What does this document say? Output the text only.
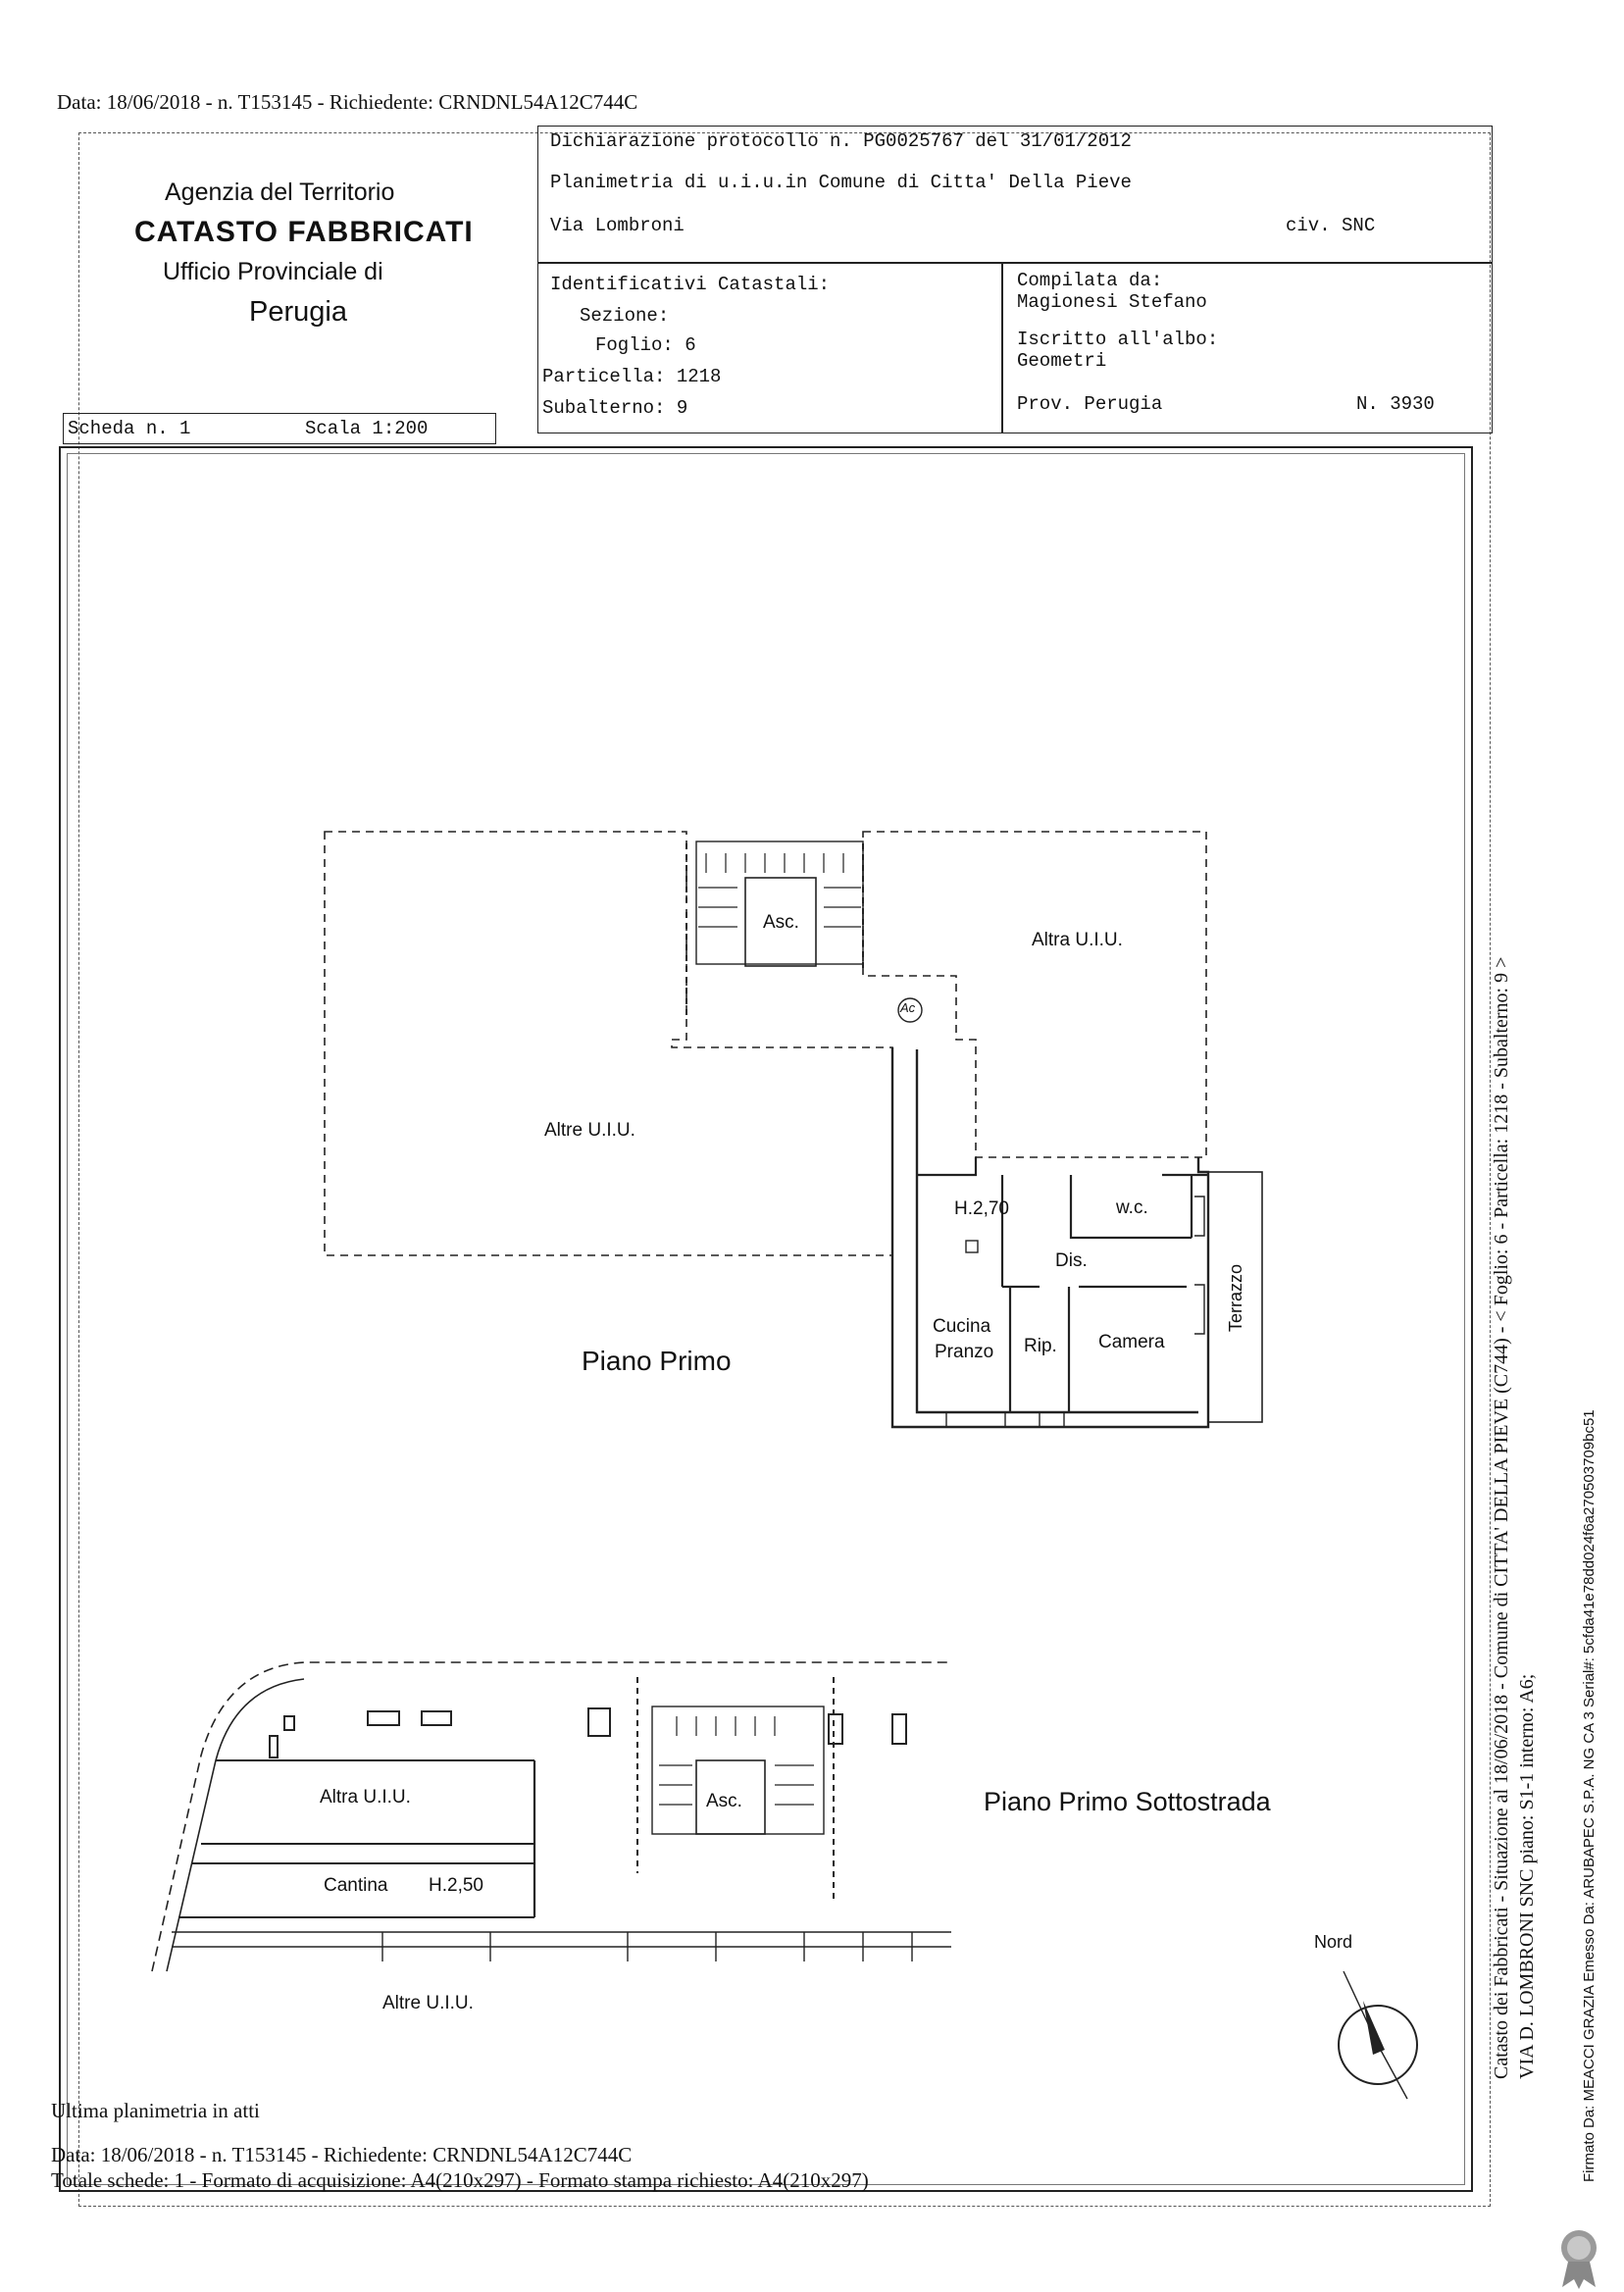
Data: 18/06/2018 - n. T153145 - Richiedente: CRNDNL54A12C744C
Agenzia del Territorio
CATASTO FABBRICATI
Ufficio Provinciale di
Perugia
Dichiarazione protocollo n. PG0025767 del 31/01/2012
Planimetria di u.i.u.in Comune di Citta' Della Pieve
Via Lombroni	civ. SNC
Identificativi Catastali:
Sezione:
Foglio: 6
Particella: 1218
Subalterno: 9
Compilata da:
Magionesi Stefano
Iscritto all'albo:
Geometri
Prov. Perugia	N. 3930
Scheda n. 1	Scala 1:200
Asc.
Altra U.I.U.
Altre U.I.U.
Ac
H.2,70	w.c.
Dis.
Cucina
Pranzo Rip. Camera
Terrazzo
Piano Primo
Altra U.I.U.	Asc.
Cantina H.2,50
Altre U.I.U.
Piano Primo Sottostrada
Nord	Catasto dei Fabbricati - Situazione al 18/06/2018 - Comune di CITTA' DELLA PIEVE (C744) - < Foglio: 6 - Particella: 1218 - Subalterno: 9 > VIA D. LOMBRONI SNC piano: S1-1 interno: A6;	Firmato Da: MEACCI GRAZIA Emesso Da: ARUBAPEC S.P.A. NG CA 3 Serial#: 5cfda41e78dd024f6a270503709bc51
Ultima planimetria in atti
Data: 18/06/2018 - n. T153145 - Richiedente: CRNDNL54A12C744C
Totale schede: 1 - Formato di acquisizione: A4(210x297) - Formato stampa richiesto: A4(210x297)
